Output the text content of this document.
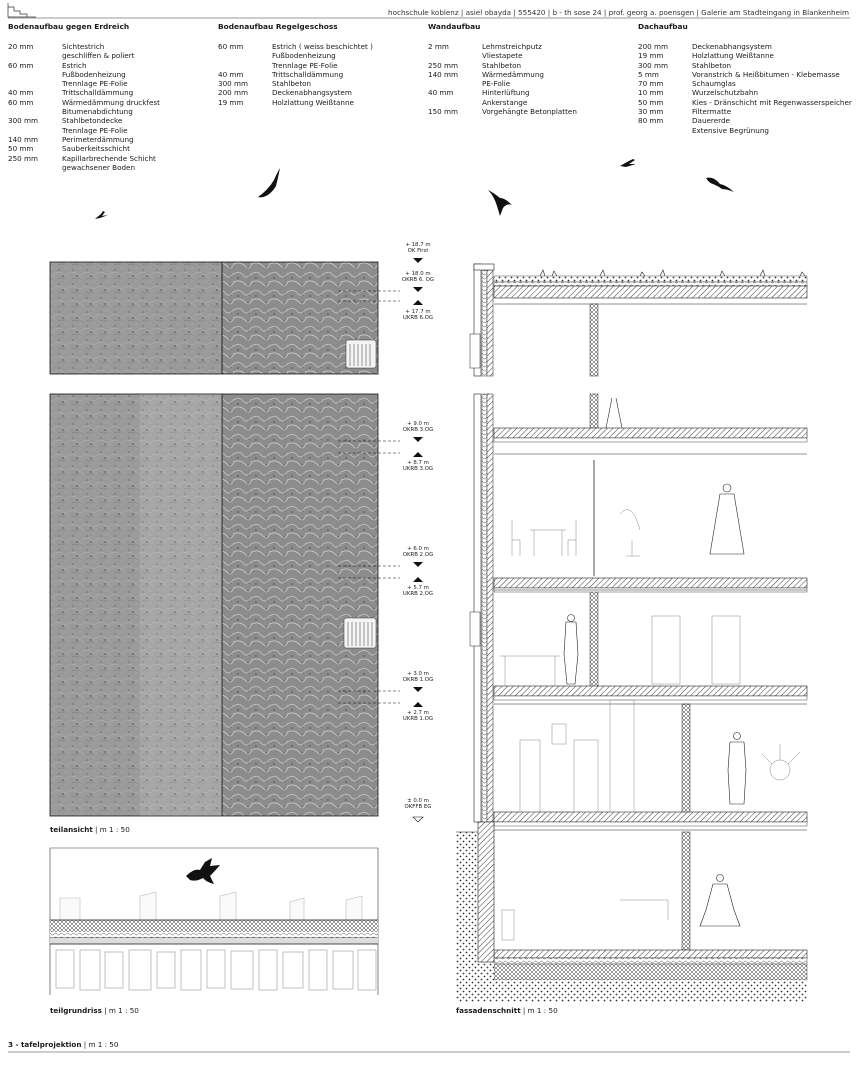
hochschule koblenz | asiel obayda | 555420 | b - th sose 24 | prof. georg a. poensgen | Galerie am Stadteingang in Blankenheim
Bodenaufbau gegen Erdreich
20 mm	Sichtestrich
geschliffen & poliert
60 mm	Estrich
Fußbodenheizung
Trennlage PE-Folie
40 mm	Trittschalldämmung
60 mm	Wärmedämmung druckfest
Bitumenabdichtung
300 mm	Stahlbetondecke
Trennlage PE-Folie
140 mm	Perimeterdämmung
50 mm	Sauberkeitsschicht
250 mm	Kapillarbrechende Schicht
gewachsener Boden
Bodenaufbau Regelgeschoss
60 mm	Estrich ( weiss beschichtet )
Fußbodenheizung
Trennlage PE-Folie
40 mm	Trittschalldämmung
300 mm	Stahlbeton
200 mm	Deckenabhangsystem
19 mm	Holzlattung Weißtanne
Wandaufbau
2 mm	Lehmstreichputz
Vliestapete
250 mm	Stahlbeton
140 mm	Wärmedämmung
PE-Folie
40 mm	Hinterlüftung
Ankerstange
150 mm	Vorgehängte Betonplatten
Dachaufbau
200 mm	Deckenabhangsystem
19 mm	Holzlattung Weißtanne
300 mm	Stahlbeton
5 mm	Voranstrich & Heißbitumen - Klebemasse
70 mm	Schaumglas
10 mm	Wurzelschutzbahn
50 mm	Kies - Dränschicht mit Regenwasserspeicher
30 mm	Filtermatte
80 mm	Dauererde
Extensive Begrünung
+ 18.7 m
OK First
+ 18.0 m
OKRB 6. OG
+ 17.7 m
UKRB 6.OG
+ 9.0 m
OKRB 3.OG
+ 8.7 m
UKRB 3.OG
+ 6.0 m
OKRB 2.OG
+ 5.7 m
UKRB 2.OG
+ 3.0 m
OKRB 1.OG
+ 2.7 m
UKRB 1.OG
± 0.0 m
OKFFB EG
teilansicht | m 1 : 50
teilgrundriss | m 1 : 50	fassadenschnitt | m 1 : 50
3 - tafelprojektion | m 1 : 50
